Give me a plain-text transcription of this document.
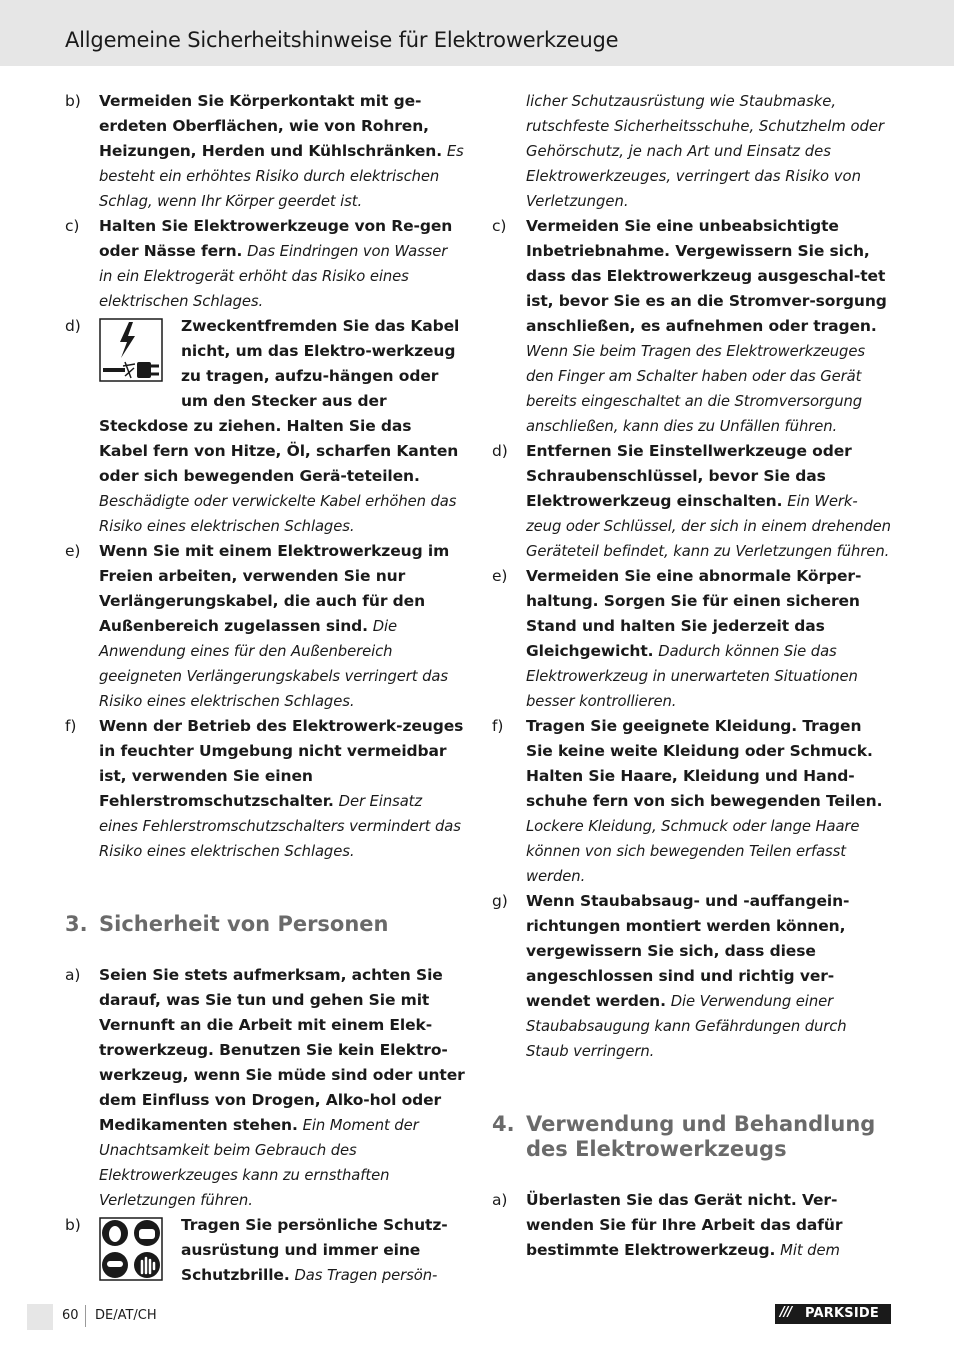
Allgemeine Sicherheitshinweise für Elektrowerkzeuge
b) Vermeiden Sie Körperkontakt mit ge-erdeten Oberflächen, wie von Rohren, Heizungen, Herden und Kühlschränken. Es besteht ein erhöhtes Risiko durch elektrischen Schlag, wenn Ihr Körper geerdet ist.
c) Halten Sie Elektrowerkzeuge von Re-gen oder Nässe fern. Das Eindringen von Wasser in ein Elektrogerät erhöht das Risiko eines elektrischen Schlages.
d)	Zweckentfremden Sie das Kabel nicht, um das Elektro-werkzeug zu tragen, aufzu-hängen oder um den Stecker aus der Steckdose zu ziehen. Halten Sie das Kabel fern von Hitze, Öl, scharfen Kanten oder sich bewegenden Gerä-teteilen. Beschädigte oder verwickelte Kabel erhöhen das Risiko eines elektrischen Schlages.
e) Wenn Sie mit einem Elektrowerkzeug im Freien arbeiten, verwenden Sie nur Verlängerungskabel, die auch für den Außenbereich zugelassen sind. Die Anwendung eines für den Außenbereich geeigneten Verlängerungskabels verringert das Risiko eines elektrischen Schlages.
f) Wenn der Betrieb des Elektrowerk-zeuges in feuchter Umgebung nicht vermeidbar ist, verwenden Sie einen Fehlerstromschutzschalter. Der Einsatz eines Fehlerstromschutzschalters vermindert das Risiko eines elektrischen Schlages.
3. Sicherheit von Personen
a) Seien Sie stets aufmerksam, achten Sie darauf, was Sie tun und gehen Sie mit Vernunft an die Arbeit mit einem Elek-trowerkzeug. Benutzen Sie kein Elektro-werkzeug, wenn Sie müde sind oder unter dem Einfluss von Drogen, Alko-hol oder Medikamenten stehen. Ein Moment der Unachtsamkeit beim Gebrauch des Elektrowerkzeuges kann zu ernsthaften Verletzungen führen.
b)	Tragen Sie persönliche Schutz-ausrüstung und immer eine Schutzbrille. Das Tragen persön-
licher Schutzausrüstung wie Staubmaske, rutschfeste Sicherheitsschuhe, Schutzhelm oder Gehörschutz, je nach Art und Einsatz des Elektrowerkzeuges, verringert das Risiko von Verletzungen.
c) Vermeiden Sie eine unbeabsichtigte Inbetriebnahme. Vergewissern Sie sich, dass das Elektrowerkzeug ausgeschal-tet ist, bevor Sie es an die Stromver-sorgung anschließen, es aufnehmen oder tragen. Wenn Sie beim Tragen des Elektrowerkzeuges den Finger am Schalter haben oder das Gerät bereits eingeschaltet an die Stromversorgung anschließen, kann dies zu Unfällen führen.
d) Entfernen Sie Einstellwerkzeuge oder Schraubenschlüssel, bevor Sie das Elektrowerkzeug einschalten. Ein Werk-zeug oder Schlüssel, der sich in einem drehenden Geräteteil befindet, kann zu Verletzungen führen.
e) Vermeiden Sie eine abnormale Körper-haltung. Sorgen Sie für einen sicheren Stand und halten Sie jederzeit das Gleichgewicht. Dadurch können Sie das Elektrowerkzeug in unerwarteten Situationen besser kontrollieren.
f) Tragen Sie geeignete Kleidung. Tragen Sie keine weite Kleidung oder Schmuck. Halten Sie Haare, Kleidung und Hand-schuhe fern von sich bewegenden Teilen. Lockere Kleidung, Schmuck oder lange Haare können von sich bewegenden Teilen erfasst werden.
g) Wenn Staubabsaug- und -auffangein-richtungen montiert werden können, vergewissern Sie sich, dass diese angeschlossen sind und richtig ver-wendet werden. Die Verwendung einer Staubabsaugung kann Gefährdungen durch Staub verringern.
4. Verwendung und Behandlung des Elektrowerkzeugs
a) Überlasten Sie das Gerät nicht. Ver-wenden Sie für Ihre Arbeit das dafür bestimmte Elektrowerkzeug. Mit dem
60 DE/AT/CH	/// PARKSIDE
